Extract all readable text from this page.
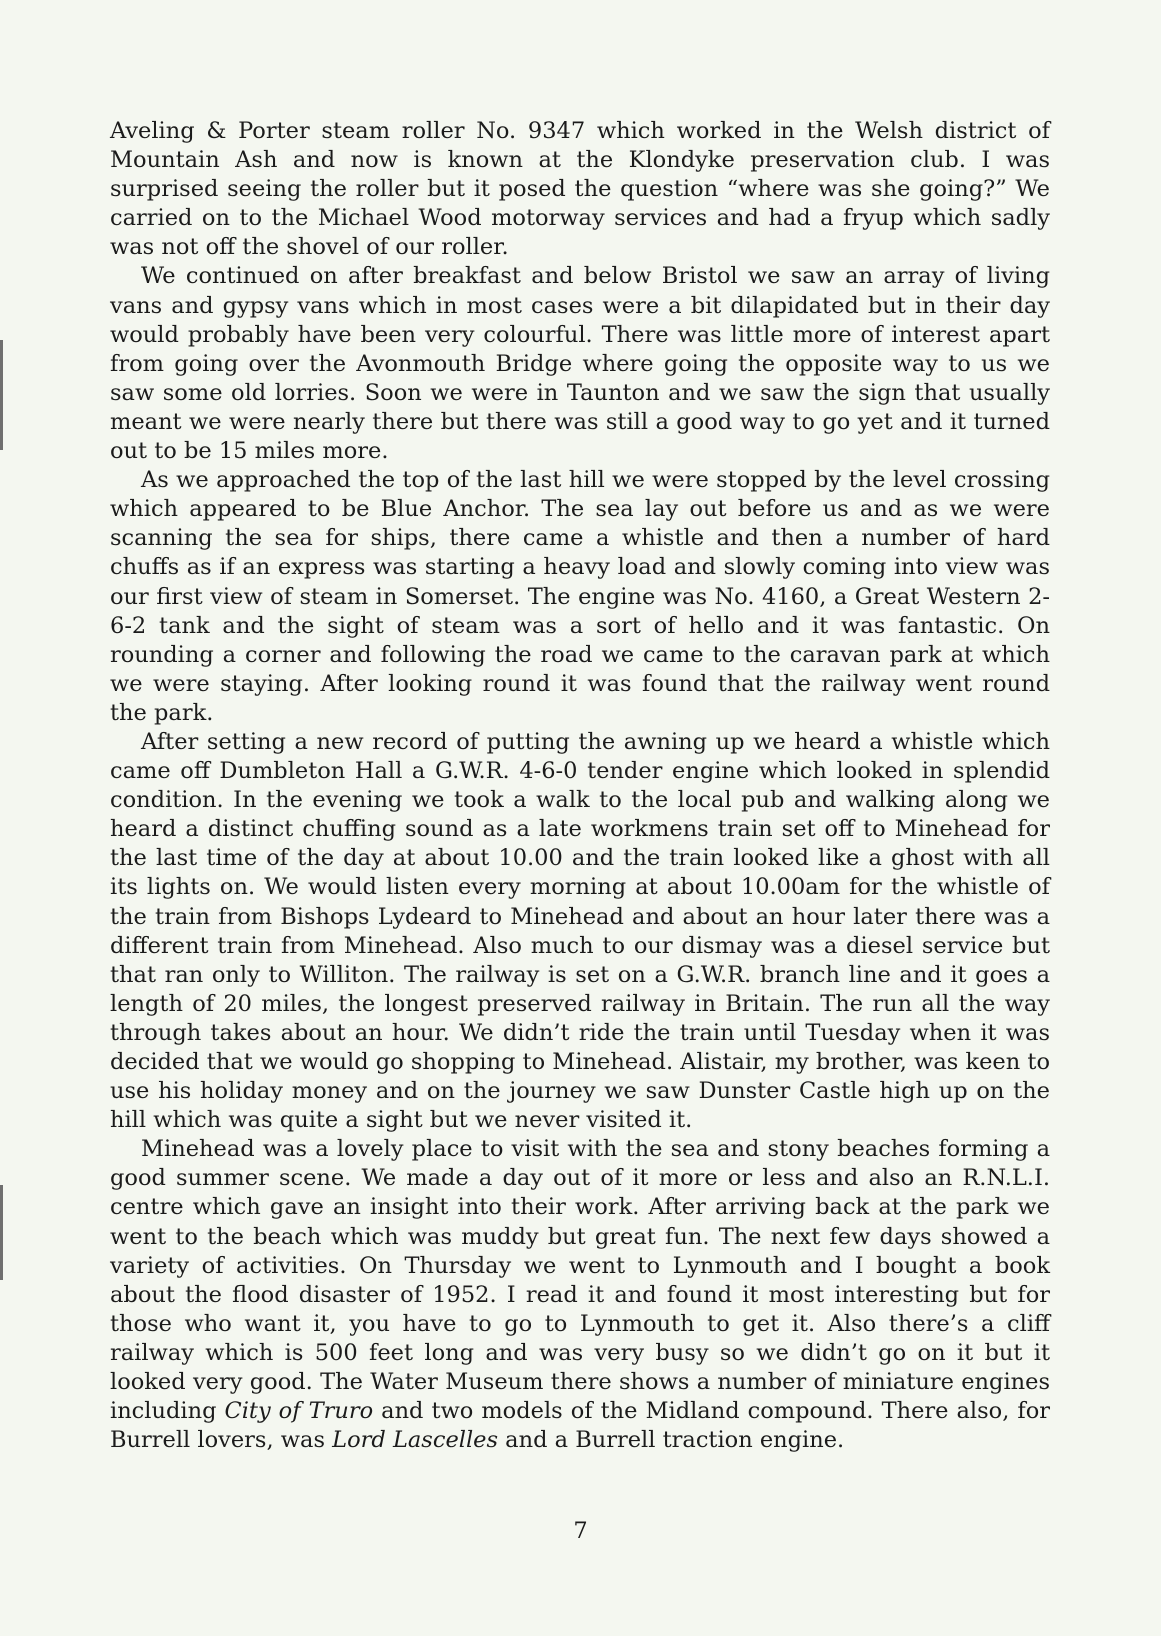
Aveling & Porter steam roller No. 9347 which worked in the Welsh district of Mountain Ash and now is known at the Klondyke preservation club. I was surprised seeing the roller but it posed the question “where was she going?” We carried on to the Michael Wood motorway services and had a fryup which sadly was not off the shovel of our roller.

We continued on after breakfast and below Bristol we saw an array of living vans and gypsy vans which in most cases were a bit dilapidated but in their day would probably have been very colourful. There was little more of interest apart from going over the Avonmouth Bridge where going the opposite way to us we saw some old lorries. Soon we were in Taunton and we saw the sign that usually meant we were nearly there but there was still a good way to go yet and it turned out to be 15 miles more.

As we approached the top of the last hill we were stopped by the level crossing which appeared to be Blue Anchor. The sea lay out before us and as we were scanning the sea for ships, there came a whistle and then a number of hard chuffs as if an express was starting a heavy load and slowly coming into view was our first view of steam in Somerset. The engine was No. 4160, a Great Western 2-6-2 tank and the sight of steam was a sort of hello and it was fantastic. On rounding a corner and following the road we came to the caravan park at which we were staying. After looking round it was found that the railway went round the park.

After setting a new record of putting the awning up we heard a whistle which came off Dumbleton Hall a G.W.R. 4-6-0 tender engine which looked in splendid condition. In the evening we took a walk to the local pub and walking along we heard a distinct chuffing sound as a late workmens train set off to Minehead for the last time of the day at about 10.00 and the train looked like a ghost with all its lights on. We would listen every morning at about 10.00am for the whistle of the train from Bishops Lydeard to Minehead and about an hour later there was a different train from Minehead. Also much to our dismay was a diesel service but that ran only to Williton. The railway is set on a G.W.R. branch line and it goes a length of 20 miles, the longest preserved railway in Britain. The run all the way through takes about an hour. We didn’t ride the train until Tuesday when it was decided that we would go shopping to Minehead. Alistair, my brother, was keen to use his holiday money and on the journey we saw Dunster Castle high up on the hill which was quite a sight but we never visited it.

Minehead was a lovely place to visit with the sea and stony beaches forming a good summer scene. We made a day out of it more or less and also an R.N.L.I. centre which gave an insight into their work. After arriving back at the park we went to the beach which was muddy but great fun. The next few days showed a variety of activities. On Thursday we went to Lynmouth and I bought a book about the flood disaster of 1952. I read it and found it most interesting but for those who want it, you have to go to Lynmouth to get it. Also there’s a cliff railway which is 500 feet long and was very busy so we didn’t go on it but it looked very good. The Water Museum there shows a number of miniature engines including City of Truro and two models of the Midland compound. There also, for Burrell lovers, was Lord Lascelles and a Burrell traction engine.

7
